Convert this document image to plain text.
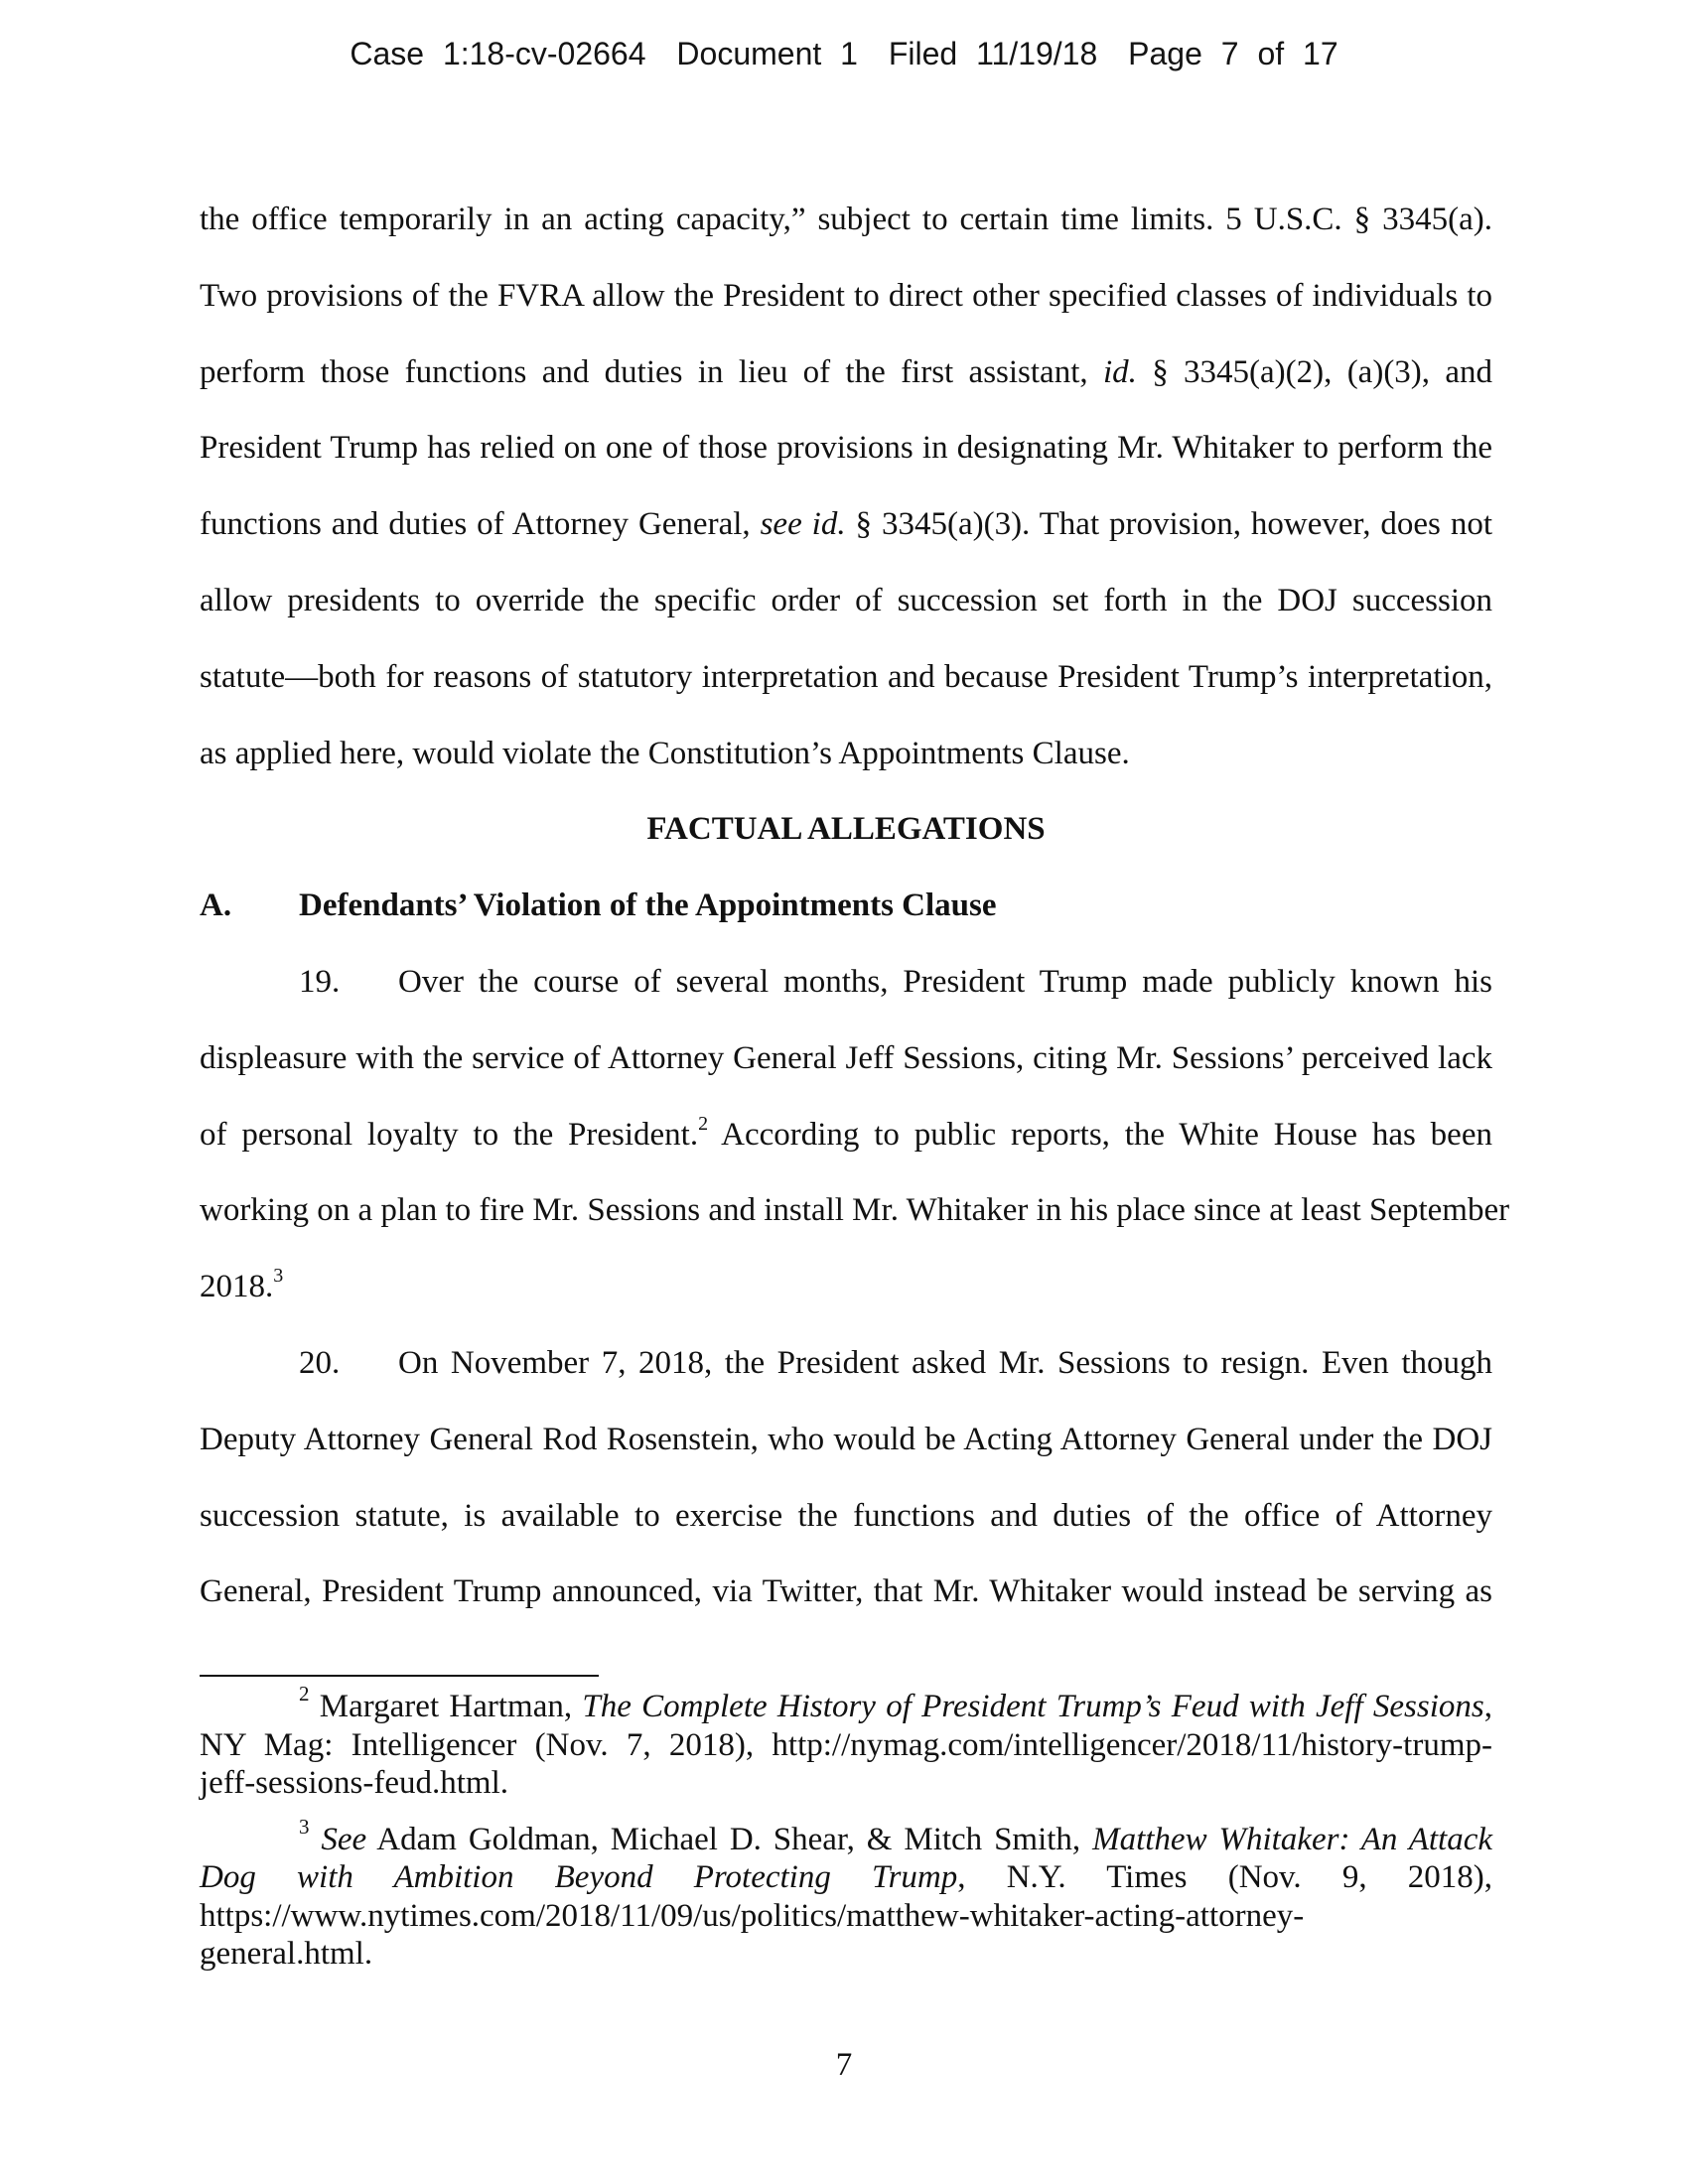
Case 1:18-cv-02664 Document 1 Filed 11/19/18 Page 7 of 17
the office temporarily in an acting capacity,” subject to certain time limits. 5 U.S.C. § 3345(a).
Two provisions of the FVRA allow the President to direct other specified classes of individuals to
perform those functions and duties in lieu of the first assistant, id. § 3345(a)(2), (a)(3), and
President Trump has relied on one of those provisions in designating Mr. Whitaker to perform the
functions and duties of Attorney General, see id. § 3345(a)(3). That provision, however, does not
allow presidents to override the specific order of succession set forth in the DOJ succession
statute—both for reasons of statutory interpretation and because President Trump’s interpretation,
as applied here, would violate the Constitution’s Appointments Clause.
FACTUAL ALLEGATIONS
A. Defendants’ Violation of the Appointments Clause
19.	Over the course of several months, President Trump made publicly known his
displeasure with the service of Attorney General Jeff Sessions, citing Mr. Sessions’ perceived lack
of personal loyalty to the President.$^2$ According to public reports, the White House has been
working on a plan to fire Mr. Sessions and install Mr. Whitaker in his place since at least September
2018.$^3$
20.	On November 7, 2018, the President asked Mr. Sessions to resign. Even though
Deputy Attorney General Rod Rosenstein, who would be Acting Attorney General under the DOJ
succession statute, is available to exercise the functions and duties of the office of Attorney
General, President Trump announced, via Twitter, that Mr. Whitaker would instead be serving as
$^2$ Margaret Hartman, The Complete History of President Trump’s Feud with Jeff Sessions,
NY Mag: Intelligencer (Nov. 7, 2018), http://nymag.com/intelligencer/2018/11/history-trump-
jeff-sessions-feud.html.
$^3$ See Adam Goldman, Michael D. Shear, & Mitch Smith, Matthew Whitaker: An Attack
Dog with Ambition Beyond Protecting Trump, N.Y. Times (Nov. 9, 2018),
https://www.nytimes.com/2018/11/09/us/politics/matthew-whitaker-acting-attorney-
general.html.
7
